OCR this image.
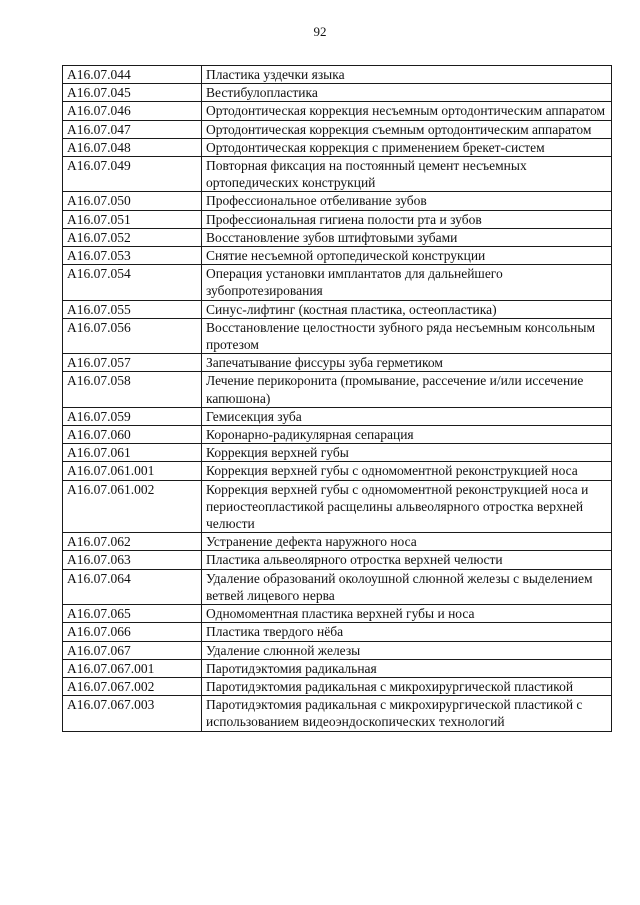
92
A16.07.044	Пластика уздечки языка
A16.07.045	Вестибулопластика
A16.07.046	Ортодонтическая коррекция несъемным ортодонтическим аппаратом
A16.07.047	Ортодонтическая коррекция съемным ортодонтическим аппаратом
A16.07.048	Ортодонтическая коррекция с применением брекет-систем
A16.07.049	Повторная фиксация на постоянный цемент несъемных ортопедических конструкций
A16.07.050	Профессиональное отбеливание зубов
A16.07.051	Профессиональная гигиена полости рта и зубов
A16.07.052	Восстановление зубов штифтовыми зубами
A16.07.053	Снятие несъемной ортопедической конструкции
A16.07.054	Операция установки имплантатов для дальнейшего зубопротезирования
A16.07.055	Синус-лифтинг (костная пластика, остеопластика)
A16.07.056	Восстановление целостности зубного ряда несъемным консольным протезом
A16.07.057	Запечатывание фиссуры зуба герметиком
A16.07.058	Лечение перикоронита (промывание, рассечение и/или иссечение капюшона)
A16.07.059	Гемисекция зуба
A16.07.060	Коронарно-радикулярная сепарация
A16.07.061	Коррекция верхней губы
A16.07.061.001	Коррекция верхней губы с одномоментной реконструкцией носа
A16.07.061.002	Коррекция верхней губы с одномоментной реконструкцией носа и периостеопластикой расщелины альвеолярного отростка верхней челюсти
A16.07.062	Устранение дефекта наружного носа
A16.07.063	Пластика альвеолярного отростка верхней челюсти
A16.07.064	Удаление образований околоушной слюнной железы с выделением ветвей лицевого нерва
A16.07.065	Одномоментная пластика верхней губы и носа
A16.07.066	Пластика твердого нёба
A16.07.067	Удаление слюнной железы
A16.07.067.001	Паротидэктомия радикальная
A16.07.067.002	Паротидэктомия радикальная с микрохирургической пластикой
A16.07.067.003	Паротидэктомия радикальная с микрохирургической пластикой с использованием видеоэндоскопических технологий
